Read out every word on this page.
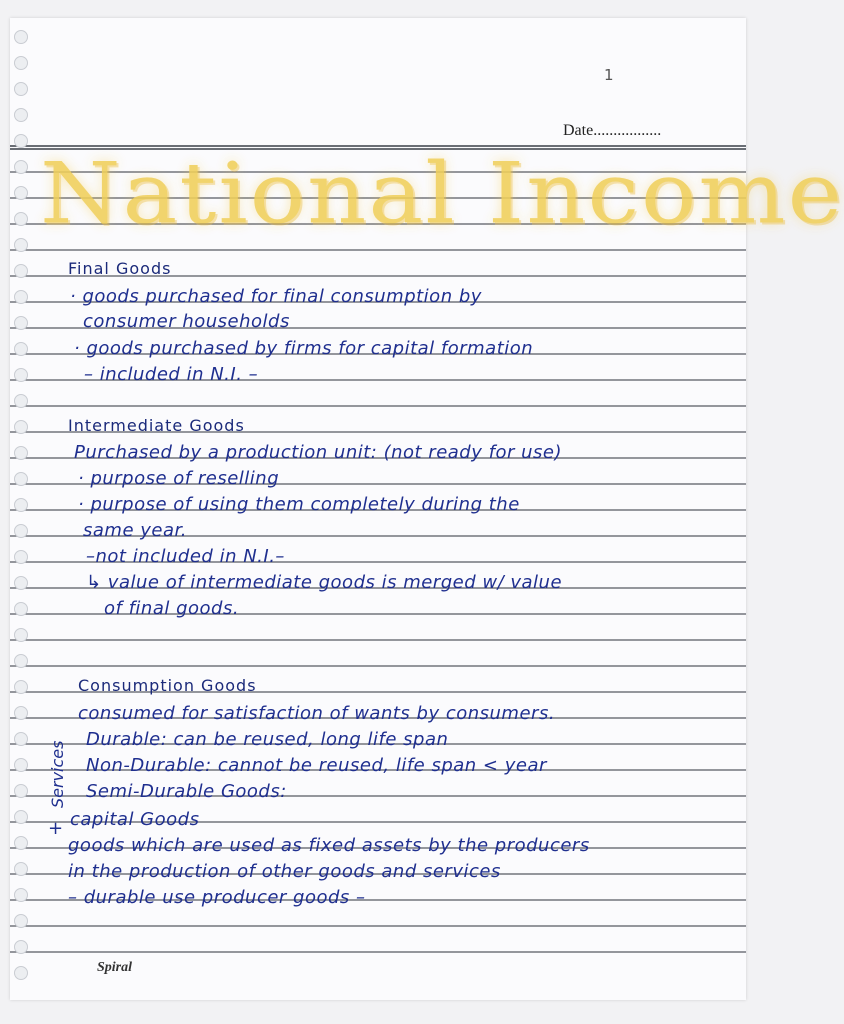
1
Date.................
National Income
Final Goods
· goods purchased for final consumption by
consumer households
· goods purchased by firms for capital formation
– included in N.I. –
Intermediate Goods
Purchased by a production unit: (not ready for use)
· purpose of reselling
· purpose of using them completely during the
same year.
–not included in N.I.–
↳ value of intermediate goods is merged w/ value
of final goods.
Consumption Goods
consumed for satisfaction of wants by consumers.
Durable: can be reused, long life span
Non-Durable: cannot be reused, life span < year
Semi-Durable Goods:
capital Goods
goods which are used as fixed assets by the producers
in the production of other goods and services
– durable use producer goods –
Services
+
Spiral
